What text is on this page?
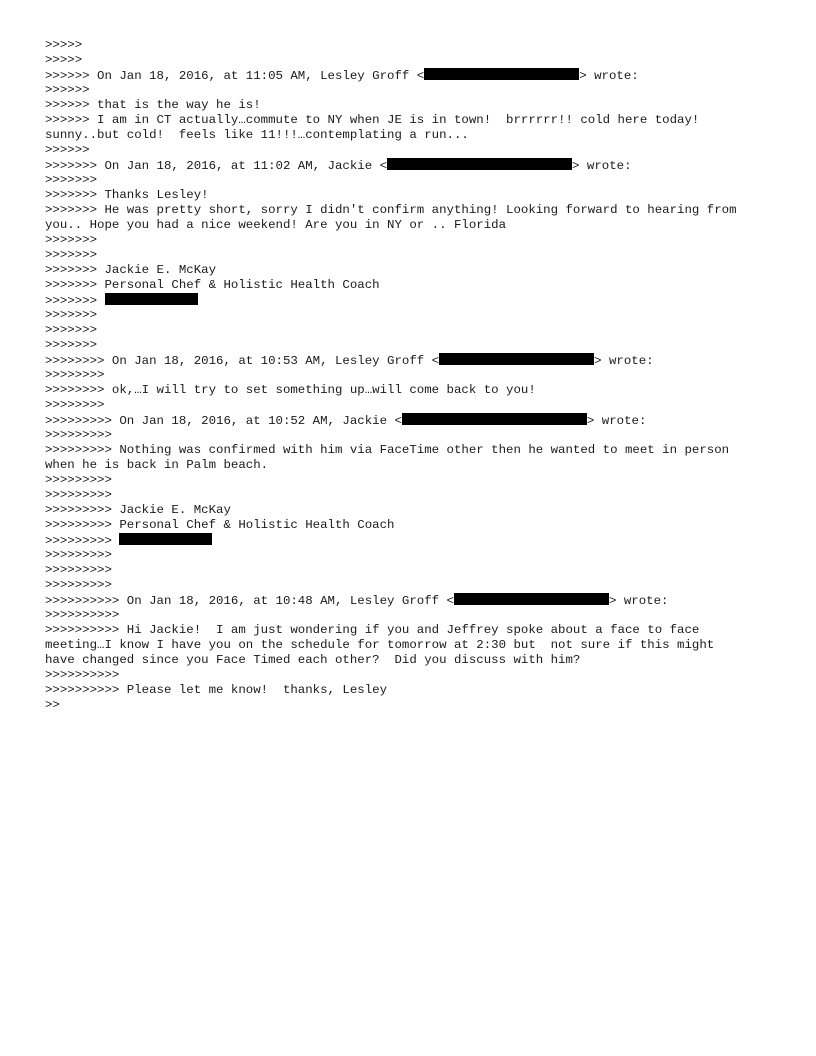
>>>>>
>>>>>
>>>>>> On Jan 18, 2016, at 11:05 AM, Lesley Groff <	> wrote:
>>>>>>
>>>>>> that is the way he is!
>>>>>> I am in CT actually…commute to NY when JE is in town!  brrrrrr!! cold here today!
sunny..but cold!  feels like 11!!!…contemplating a run...
>>>>>>
>>>>>>> On Jan 18, 2016, at 11:02 AM, Jackie <	> wrote:
>>>>>>>
>>>>>>> Thanks Lesley!
>>>>>>> He was pretty short, sorry I didn't confirm anything! Looking forward to hearing from
you.. Hope you had a nice weekend! Are you in NY or .. Florida
>>>>>>>
>>>>>>>
>>>>>>> Jackie E. McKay
>>>>>>> Personal Chef & Holistic Health Coach
>>>>>>>
>>>>>>>
>>>>>>>
>>>>>>>
>>>>>>>> On Jan 18, 2016, at 10:53 AM, Lesley Groff <	> wrote:
>>>>>>>>
>>>>>>>> ok,…I will try to set something up…will come back to you!
>>>>>>>>
>>>>>>>>> On Jan 18, 2016, at 10:52 AM, Jackie <	> wrote:
>>>>>>>>>
>>>>>>>>> Nothing was confirmed with him via FaceTime other then he wanted to meet in person
when he is back in Palm beach.
>>>>>>>>>
>>>>>>>>>
>>>>>>>>> Jackie E. McKay
>>>>>>>>> Personal Chef & Holistic Health Coach
>>>>>>>>>
>>>>>>>>>
>>>>>>>>>
>>>>>>>>>
>>>>>>>>>> On Jan 18, 2016, at 10:48 AM, Lesley Groff <	> wrote:
>>>>>>>>>>
>>>>>>>>>> Hi Jackie!  I am just wondering if you and Jeffrey spoke about a face to face
meeting…I know I have you on the schedule for tomorrow at 2:30 but  not sure if this might
have changed since you Face Timed each other?  Did you discuss with him?
>>>>>>>>>>
>>>>>>>>>> Please let me know!  thanks, Lesley
>>
